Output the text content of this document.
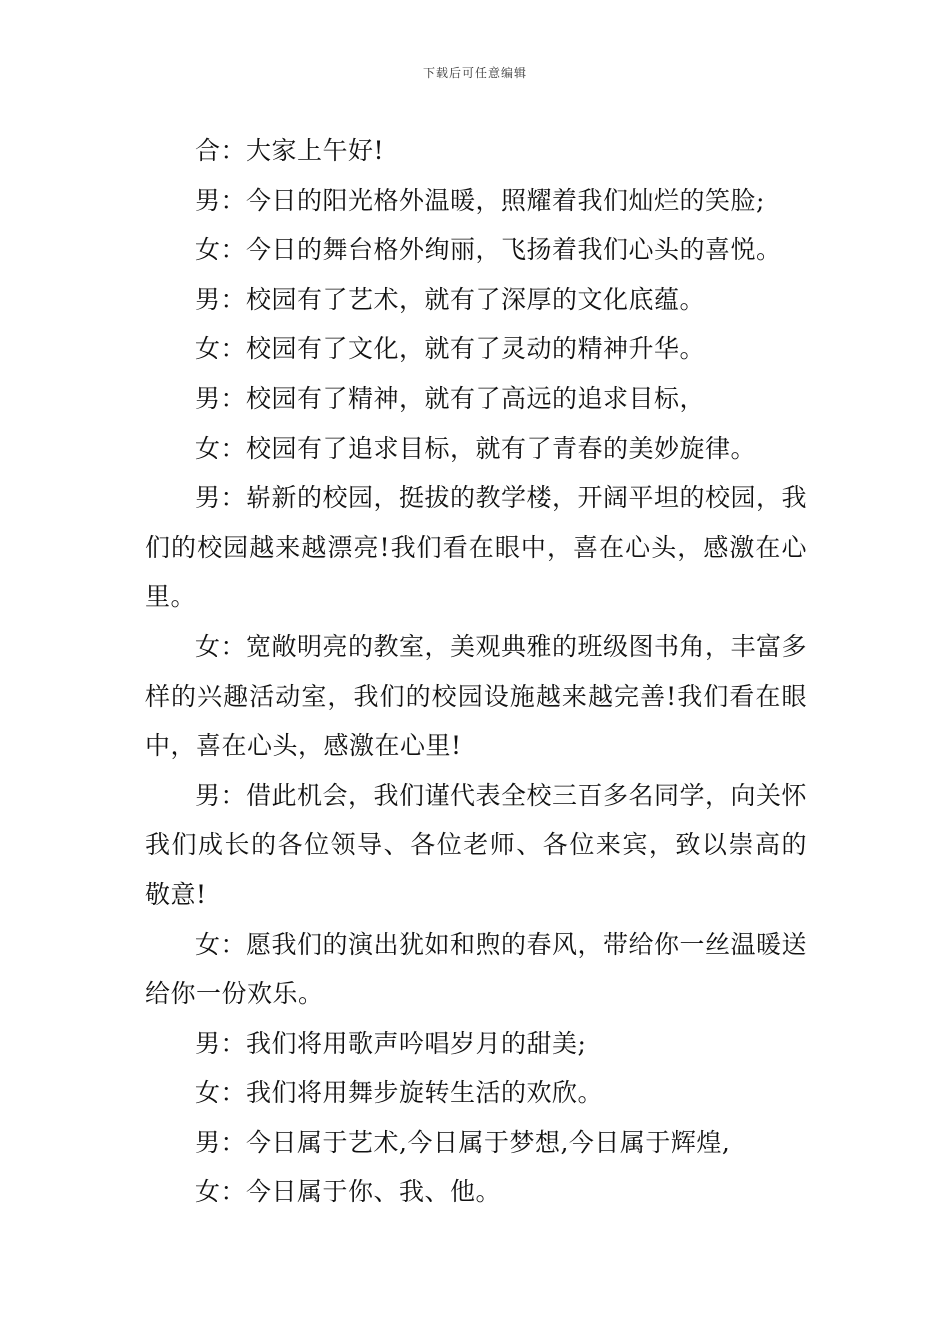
下载后可任意编辑

合：大家上午好!

男：今日的阳光格外温暖，照耀着我们灿烂的笑脸;

女：今日的舞台格外绚丽，飞扬着我们心头的喜悦。

男：校园有了艺术，就有了深厚的文化底蕴。

女：校园有了文化，就有了灵动的精神升华。

男：校园有了精神，就有了高远的追求目标，

女：校园有了追求目标，就有了青春的美妙旋律。

男：崭新的校园，挺拔的教学楼，开阔平坦的校园，我们的校园越来越漂亮!我们看在眼中，喜在心头，感激在心里。

女：宽敞明亮的教室，美观典雅的班级图书角，丰富多样的兴趣活动室，我们的校园设施越来越完善!我们看在眼中，喜在心头，感激在心里!

男：借此机会，我们谨代表全校三百多名同学，向关怀我们成长的各位领导、各位老师、各位来宾，致以崇高的敬意!

女：愿我们的演出犹如和煦的春风，带给你一丝温暖送给你一份欢乐。

男：我们将用歌声吟唱岁月的甜美;

女：我们将用舞步旋转生活的欢欣。

男：今日属于艺术,今日属于梦想,今日属于辉煌,

女：今日属于你、我、他。
